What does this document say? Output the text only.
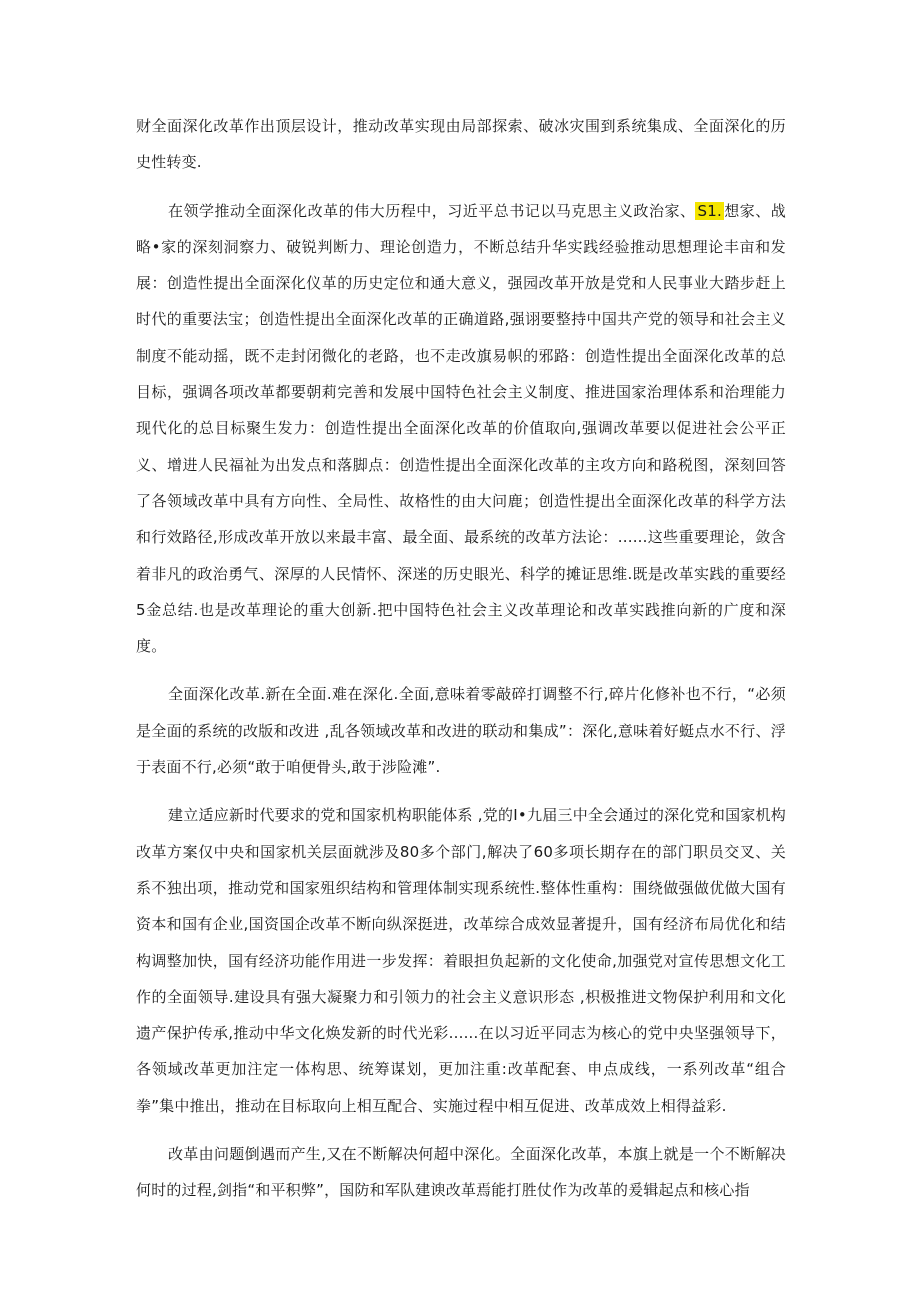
财全面深化改革作出顶层设计，推动改革实现由局部探索、破冰灾围到系统集成、全面深化的历史性转变.

在领学推动全面深化改革的伟大历程中，习近平总书记以马克思主义政治家、 S1. 想家、战略•家的深刻洞察力、破锐判断力、理论创造力，不断总结升华实践经验推动思想理论丰亩和发展：创造性提出全面深化仪革的历史定位和通大意义，强园改革开放是党和人民事业大踏步赶上时代的重要法宝；创造性提出全面深化改革的正确道路,强诩要整持中国共产党的领导和社会主义制度不能动摇，既不走封闭微化的老路，也不走改旗易帜的邪路：创造性提出全面深化改革的总目标，强调各项改革都要朝莉完善和发展中国特色社会主义制度、推进国家治理体系和治理能力现代化的总目标聚生发力：创造性提出全面深化改革的价值取向,强调改革要以促进社会公平正义、增进人民福祉为出发点和落脚点：创造性提出全面深化改革的主攻方向和路税图，深刻回答了各领域改革中具有方向性、全局性、故格性的由大问鹿；创造性提出全面深化改革的科学方法和行效路径,形成改革开放以来最丰富、最全面、最系统的改革方法论：......这些重要理论，敛含着非凡的政治勇气、深厚的人民情怀、深迷的历史眼光、科学的摊证思维.既是改革实践的重要经5金总结.也是改革理论的重大创新.把中国特色社会主义改革理论和改革实践推向新的广度和深度。

全面深化改革.新在全面.难在深化.全面,意味着零敲碎打调整不行,碎片化修补也不行，“必须是全面的系统的改版和改进 ,乱各领域改革和改进的联动和集成”：深化,意味着好蜓点水不行、浮于表面不行,必须“敢于咱便骨头,敢于涉险滩”.

建立适应新时代要求的党和国家机构职能体系 ,党的I•九届三中全会通过的深化党和国家机构改革方案仅中央和国家机关层面就涉及80多个部门,解决了60多项长期存在的部门职员交叉、关系不独出项，推动党和国家殂织结构和管理体制实现系统性.整体性重构：围绕做强做优做大国有资本和国有企业,国资国企改革不断向纵深挺进，改革综合成效显著提升，国有经济布局优化和结构调整加快，国有经济功能作用进一步发挥：着眼担负起新的文化使命,加强党对宣传思想文化工作的全面领导.建设具有强大凝聚力和引领力的社会主义意识形态 ,枳极推进文物保护利用和文化遗产保护传承,推动中华文化焕发新的时代光彩......在以习近平同志为核心的党中央坚强领导下，各领域改革更加注定一体构思、统筹谋划，更加注重:改革配套、申点成线，一系列改革“组合拳”集中推出，推动在目标取向上相互配合、实施过程中相互促进、改革成效上相得益彩.

改革由问题倒遇而产生,又在不断解决何超中深化。全面深化改革，本旗上就是一个不断解决何时的过程,剑指“和平积弊”，国防和军队建谀改革焉能打胜仗作为改革的爰辑起点和核心指
